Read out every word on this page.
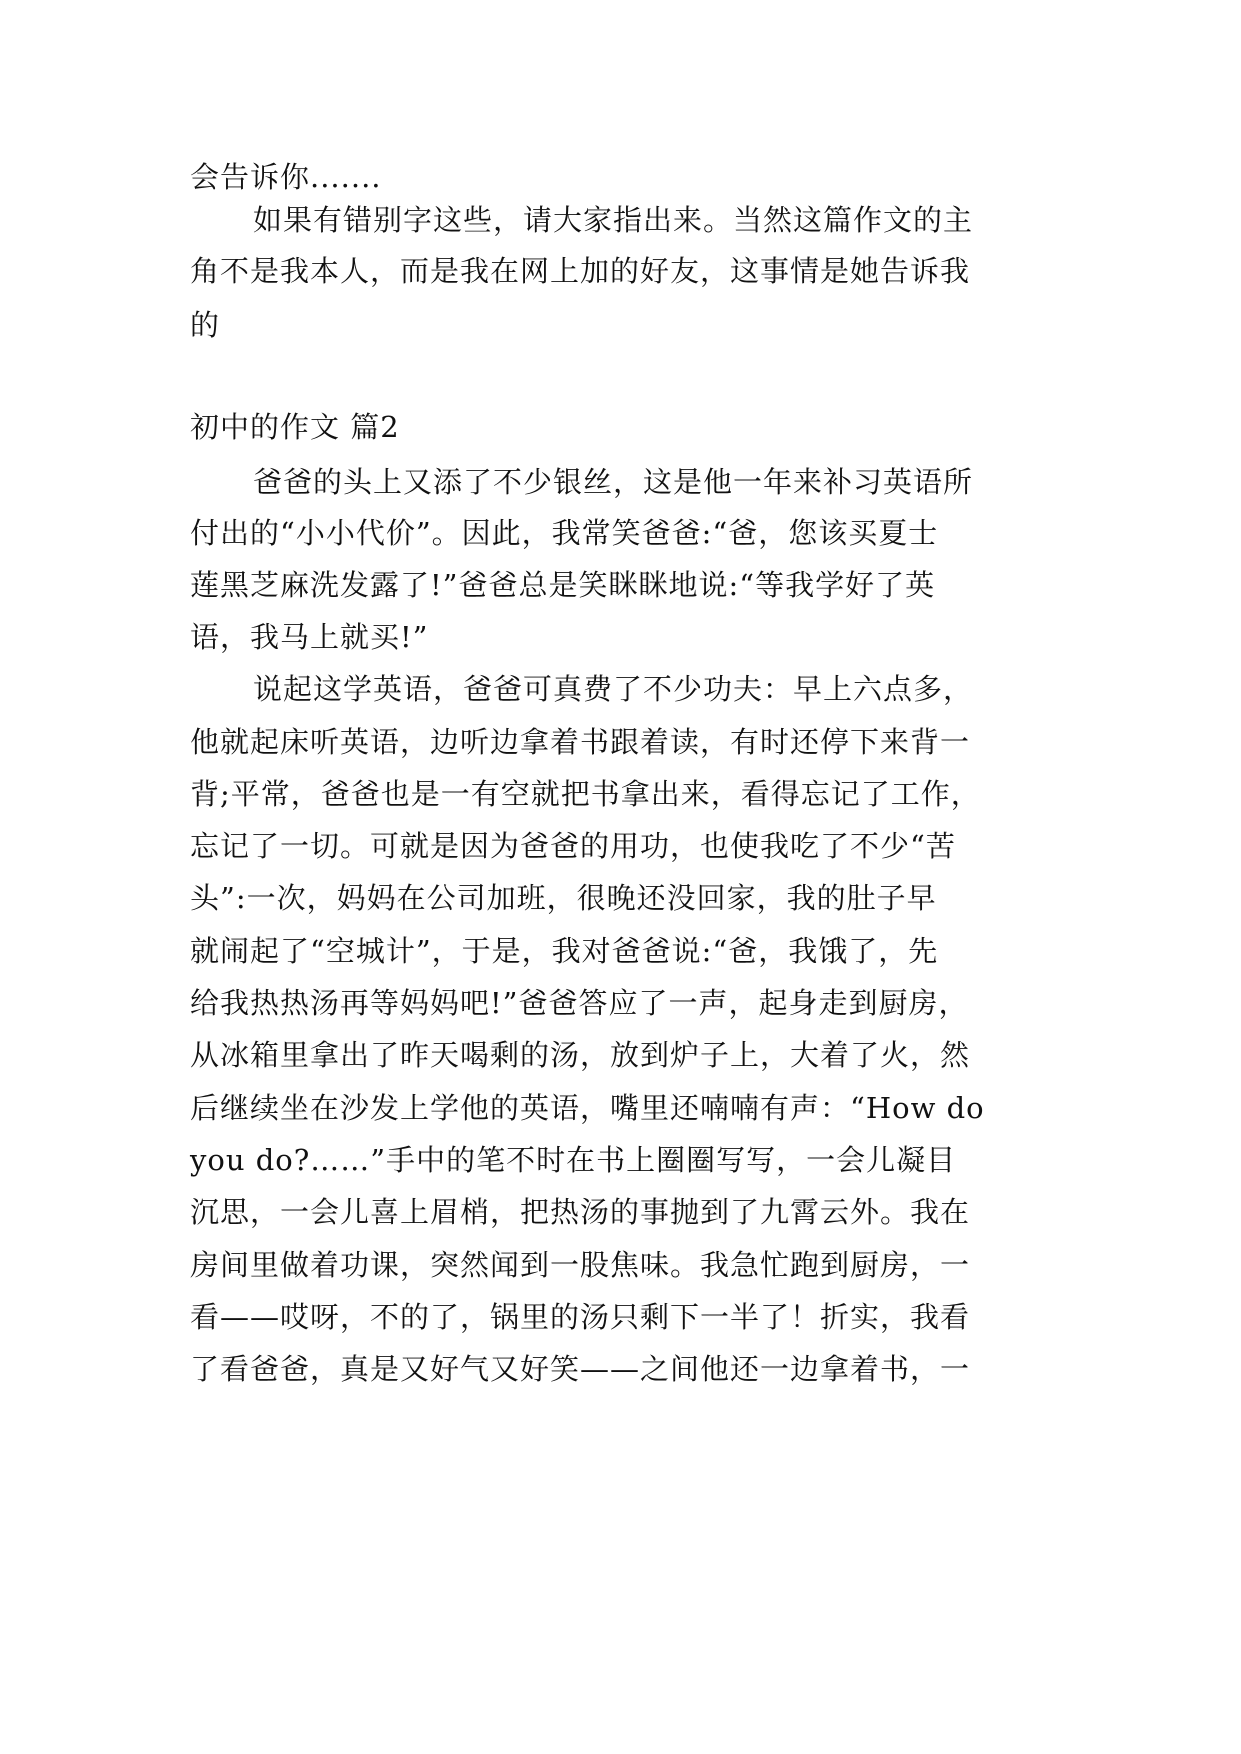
会告诉你.......
如果有错别字这些，请大家指出来。当然这篇作文的主
角不是我本人，而是我在网上加的好友，这事情是她告诉我
的
初中的作文 篇2
爸爸的头上又添了不少银丝，这是他一年来补习英语所
付出的“小小代价”。因此，我常笑爸爸:“爸，您该买夏士
莲黑芝麻洗发露了!”爸爸总是笑眯眯地说:“等我学好了英
语，我马上就买!”
说起这学英语，爸爸可真费了不少功夫：早上六点多，
他就起床听英语，边听边拿着书跟着读，有时还停下来背一
背;平常，爸爸也是一有空就把书拿出来，看得忘记了工作，
忘记了一切。可就是因为爸爸的用功，也使我吃了不少“苦
头”:一次，妈妈在公司加班，很晚还没回家，我的肚子早
就闹起了“空城计”，于是，我对爸爸说:“爸，我饿了，先
给我热热汤再等妈妈吧!”爸爸答应了一声，起身走到厨房，
从冰箱里拿出了昨天喝剩的汤，放到炉子上，大着了火，然
后继续坐在沙发上学他的英语，嘴里还喃喃有声：“How do
you do?……”手中的笔不时在书上圈圈写写，一会儿凝目
沉思，一会儿喜上眉梢，把热汤的事抛到了九霄云外。我在
房间里做着功课，突然闻到一股焦味。我急忙跑到厨房，一
看——哎呀，不的了，锅里的汤只剩下一半了！折实，我看
了看爸爸，真是又好气又好笑——之间他还一边拿着书，一
